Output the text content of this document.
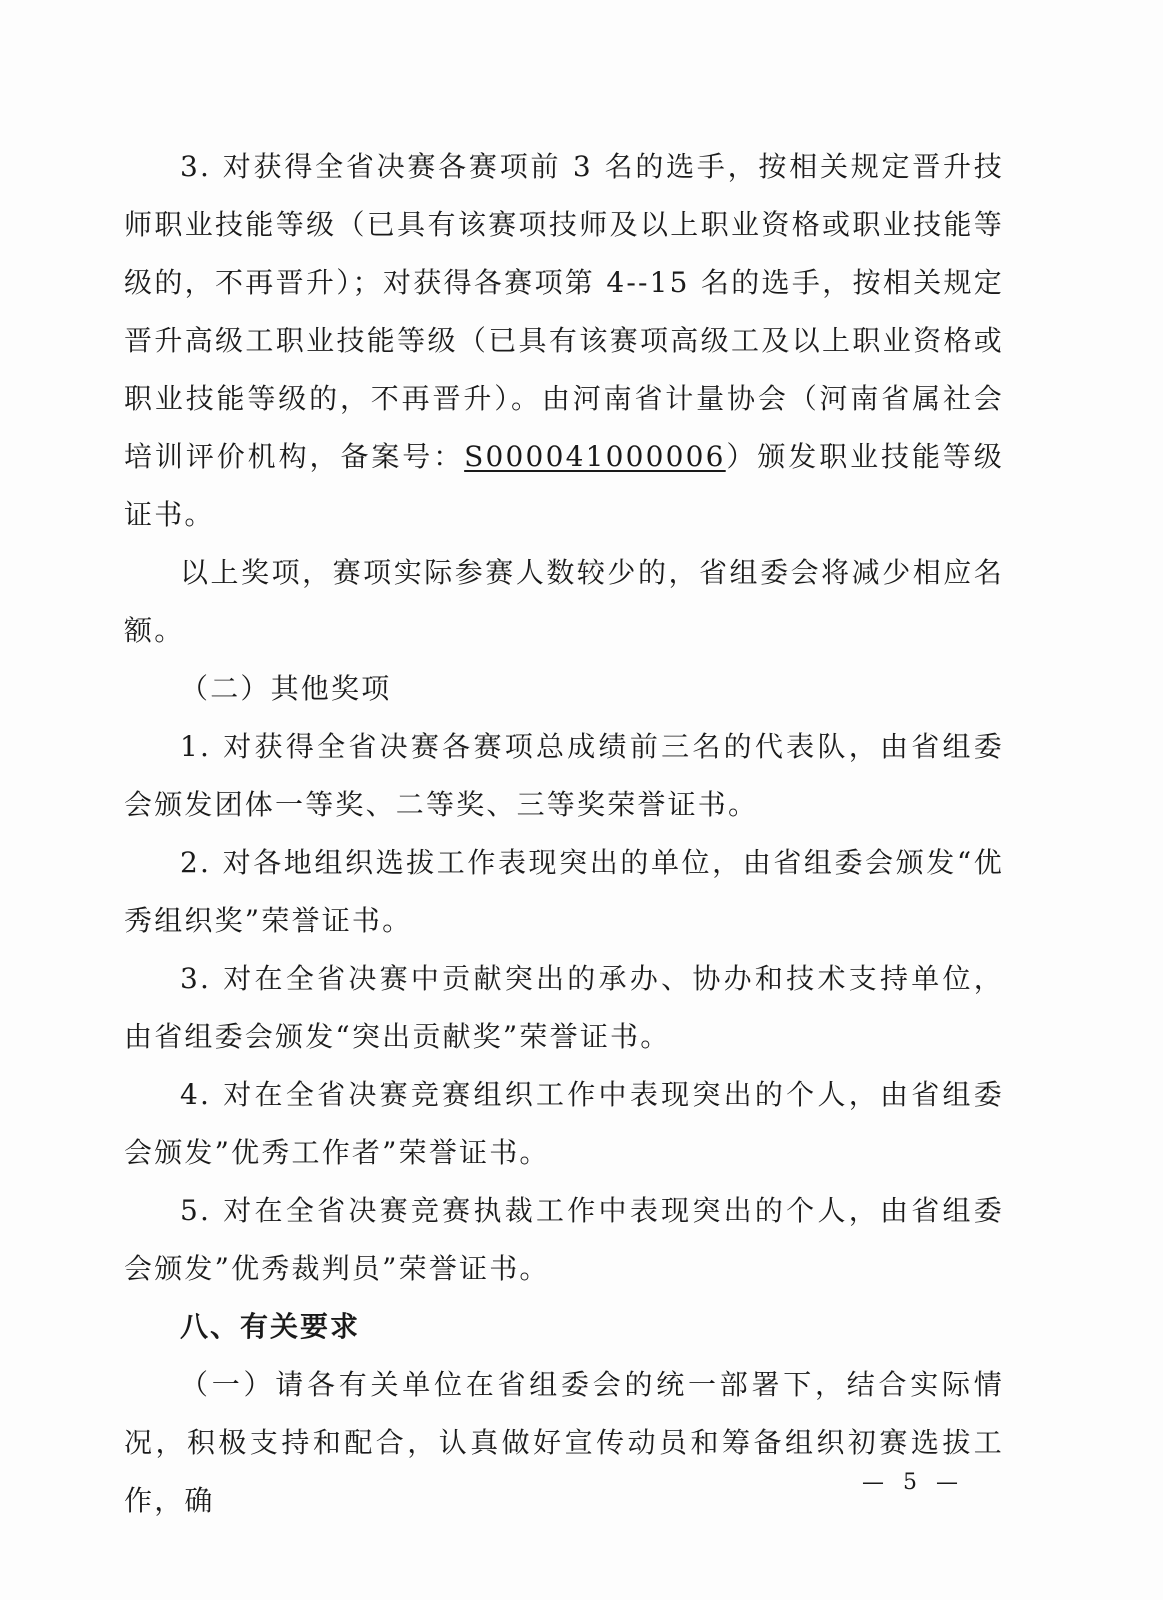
3. 对获得全省决赛各赛项前 3 名的选手，按相关规定晋升技师职业技能等级（已具有该赛项技师及以上职业资格或职业技能等级的，不再晋升）；对获得各赛项第 4--15 名的选手，按相关规定晋升高级工职业技能等级（已具有该赛项高级工及以上职业资格或职业技能等级的，不再晋升）。由河南省计量协会（河南省属社会培训评价机构，备案号：S000041000006）颁发职业技能等级证书。

以上奖项，赛项实际参赛人数较少的，省组委会将减少相应名额。

（二）其他奖项

1. 对获得全省决赛各赛项总成绩前三名的代表队，由省组委会颁发团体一等奖、二等奖、三等奖荣誉证书。

2. 对各地组织选拔工作表现突出的单位，由省组委会颁发“优秀组织奖”荣誉证书。

3. 对在全省决赛中贡献突出的承办、协办和技术支持单位，由省组委会颁发“突出贡献奖”荣誉证书。

4. 对在全省决赛竞赛组织工作中表现突出的个人，由省组委会颁发”优秀工作者”荣誉证书。

5. 对在全省决赛竞赛执裁工作中表现突出的个人，由省组委会颁发”优秀裁判员”荣誉证书。

八、有关要求

（一）请各有关单位在省组委会的统一部署下，结合实际情况，积极支持和配合，认真做好宣传动员和筹备组织初赛选拔工作，确

— 5 —
